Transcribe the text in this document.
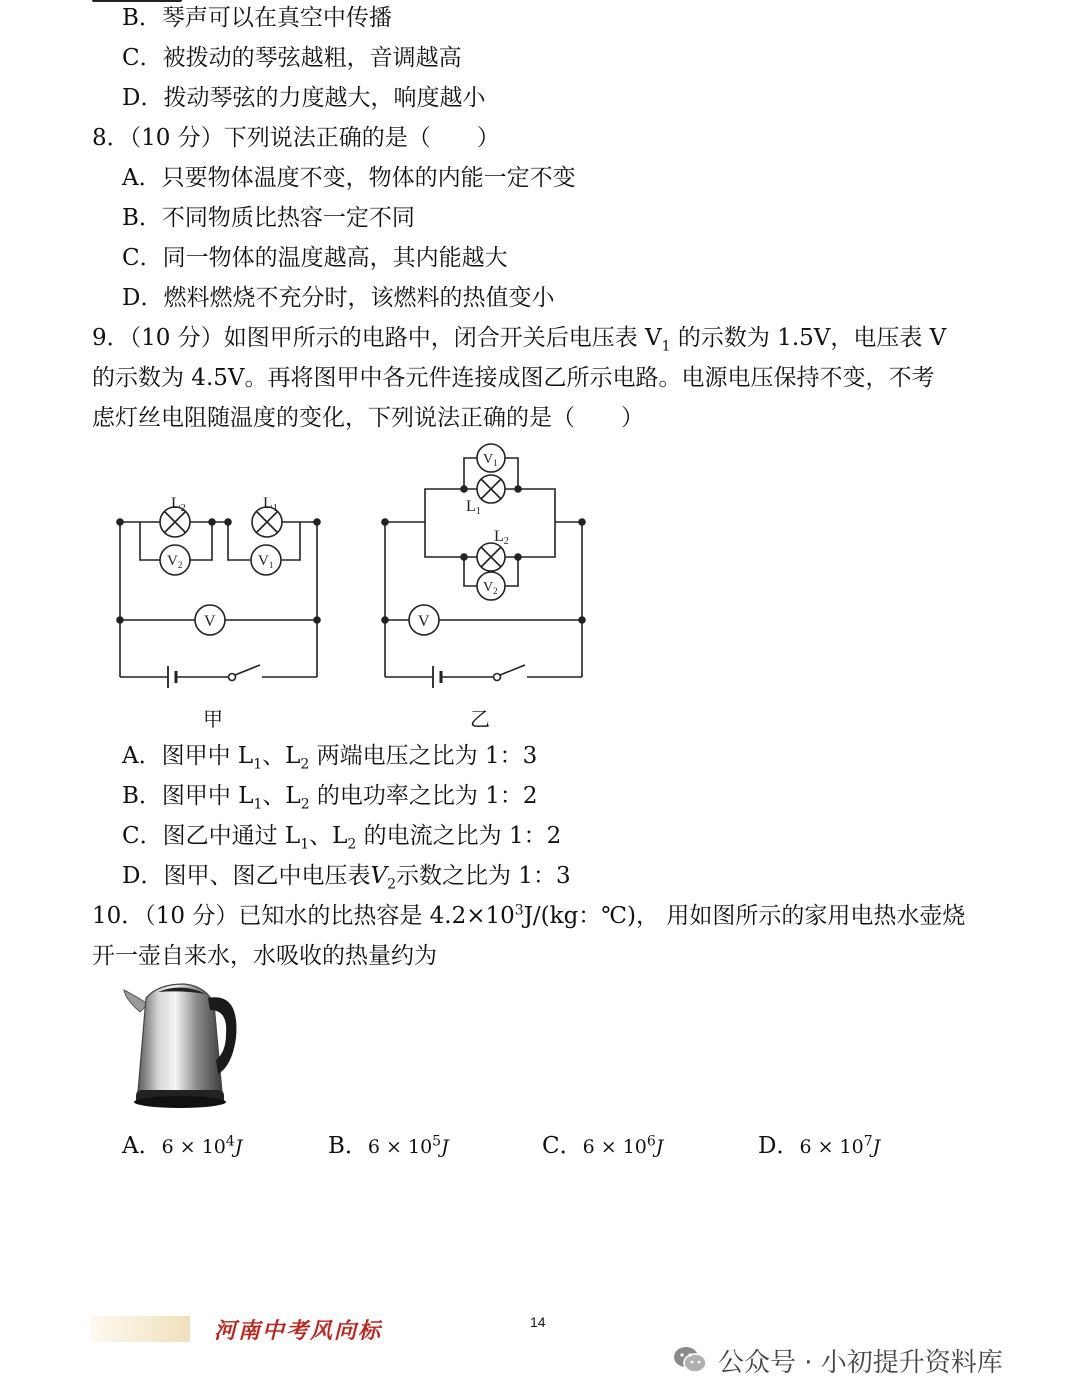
B．琴声可以在真空中传播
C．被拨动的琴弦越粗，音调越高
D．拨动琴弦的力度越大，响度越小
8．（10 分）下列说法正确的是（　　）
A．只要物体温度不变，物体的内能一定不变
B．不同物质比热容一定不同
C．同一物体的温度越高，其内能越大
D．燃料燃烧不充分时，该燃料的热值变小
9．（10 分）如图甲所示的电路中，闭合开关后电压表 $V_1$ 的示数为 1.5V，电压表 V
的示数为 4.5V。再将图甲中各元件连接成图乙所示电路。电源电压保持不变，不考
虑灯丝电阻随温度的变化，下列说法正确的是（　　）
L2	L1
$V_2$	$V_1$
V
甲
$V_1$
L1
L2
$V_2$
V
乙
A．图甲中 $L_1$、$L_2$ 两端电压之比为 1：3
B．图甲中 $L_1$、$L_2$ 的电功率之比为 1：2
C．图乙中通过 $L_1$、$L_2$ 的电流之比为 1：2
D．图甲、图乙中电压表$V_2$示数之比为 1：3
10．（10 分）已知水的比热容是 $4.2\times 10^3J/(kg$：℃)， 用如图所示的家用电热水壶烧
开一壶自来水，水吸收的热量约为
A．$6 \times 10^4J$	B．$6 \times 10^5J$	C．$6 \times 10^6J$	D．$6 \times 10^7J$
河南中考风向标	14
公众号 · 小初提升资料库
